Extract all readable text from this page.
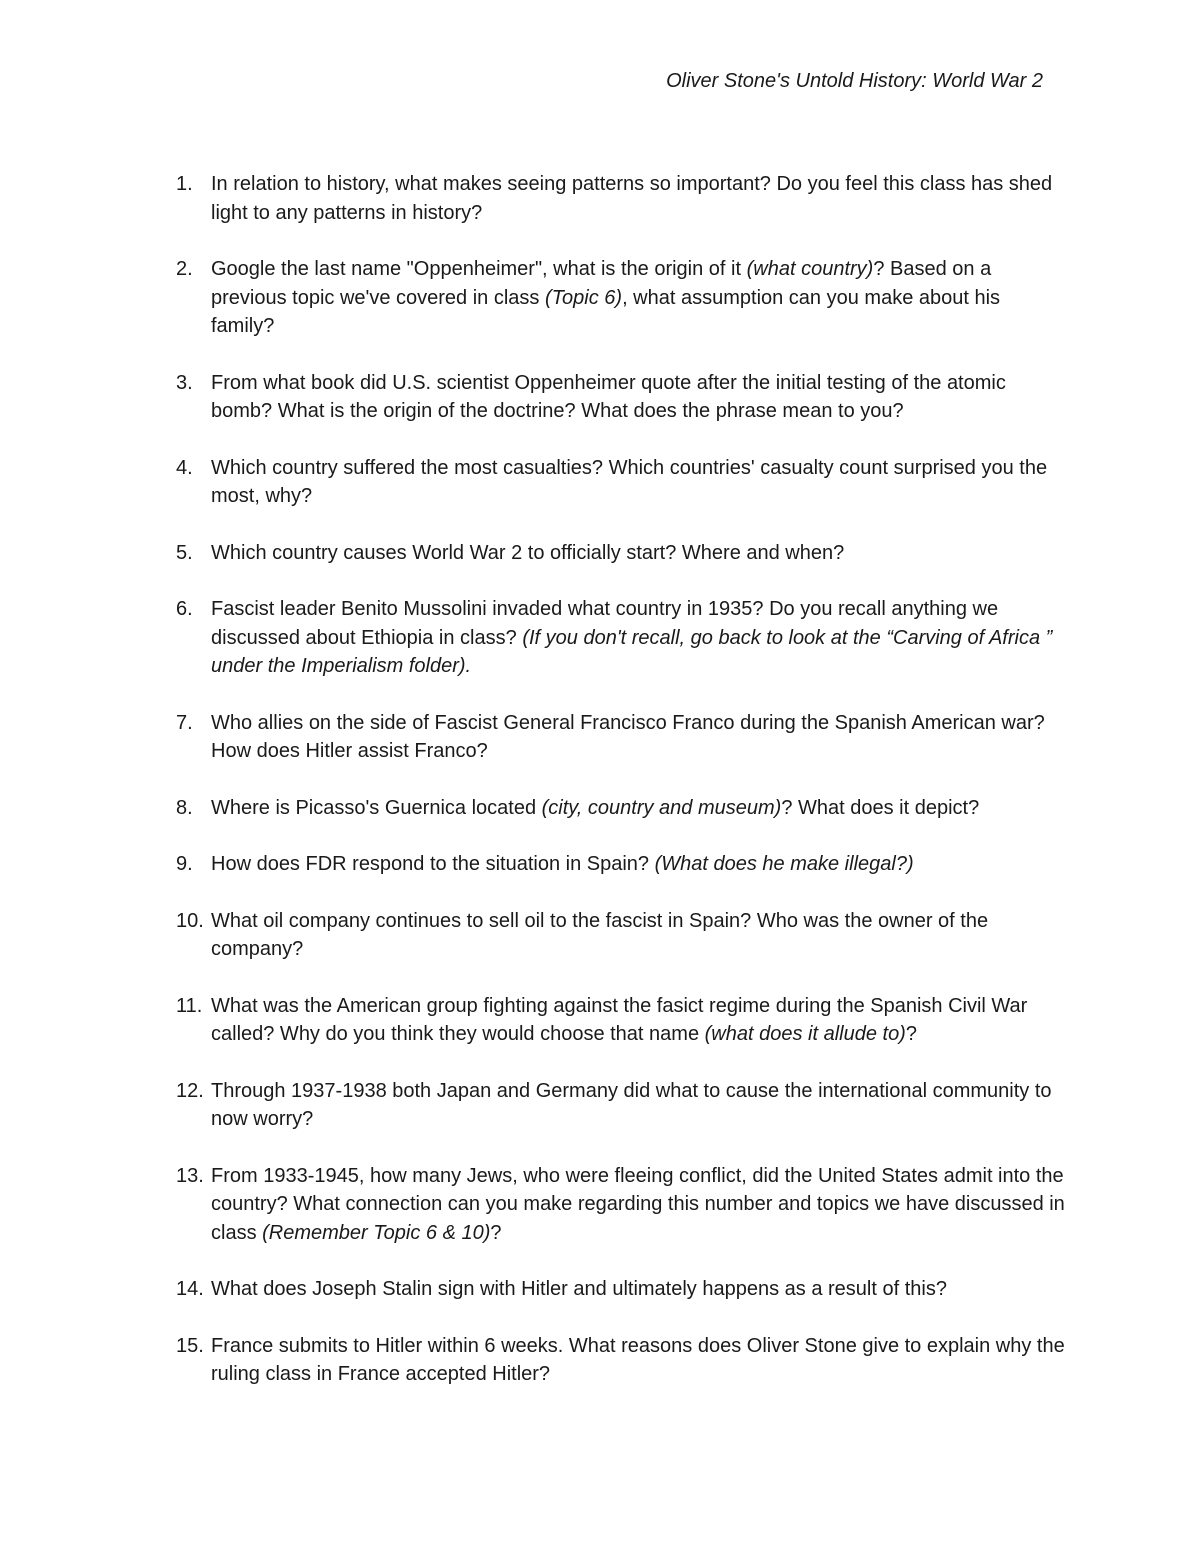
Oliver Stone's Untold History: World War 2
1. In relation to history, what makes seeing patterns so important? Do you feel this class has shed light to any patterns in history?
2. Google the last name "Oppenheimer", what is the origin of it (what country)? Based on a previous topic we've covered in class (Topic 6), what assumption can you make about his family?
3. From what book did U.S. scientist Oppenheimer quote after the initial testing of the atomic bomb? What is the origin of the doctrine? What does the phrase mean to you?
4. Which country suffered the most casualties? Which countries' casualty count surprised you the most, why?
5. Which country causes World War 2 to officially start? Where and when?
6. Fascist leader Benito Mussolini invaded what country in 1935? Do you recall anything we discussed about Ethiopia in class? (If you don't recall, go back to look at the “Carving of Africa ” under the Imperialism folder).
7. Who allies on the side of Fascist General Francisco Franco during the Spanish American war? How does Hitler assist Franco?
8. Where is Picasso's Guernica located (city, country and museum)? What does it depict?
9. How does FDR respond to the situation in Spain? (What does he make illegal?)
10. What oil company continues to sell oil to the fascist in Spain? Who was the owner of the company?
11. What was the American group fighting against the fasict regime during the Spanish Civil War called? Why do you think they would choose that name (what does it allude to)?
12. Through 1937-1938 both Japan and Germany did what to cause the international community to now worry?
13. From 1933-1945, how many Jews, who were fleeing conflict, did the United States admit into the country? What connection can you make regarding this number and topics we have discussed in class (Remember Topic 6 & 10)?
14. What does Joseph Stalin sign with Hitler and ultimately happens as a result of this?
15. France submits to Hitler within 6 weeks. What reasons does Oliver Stone give to explain why the ruling class in France accepted Hitler?
